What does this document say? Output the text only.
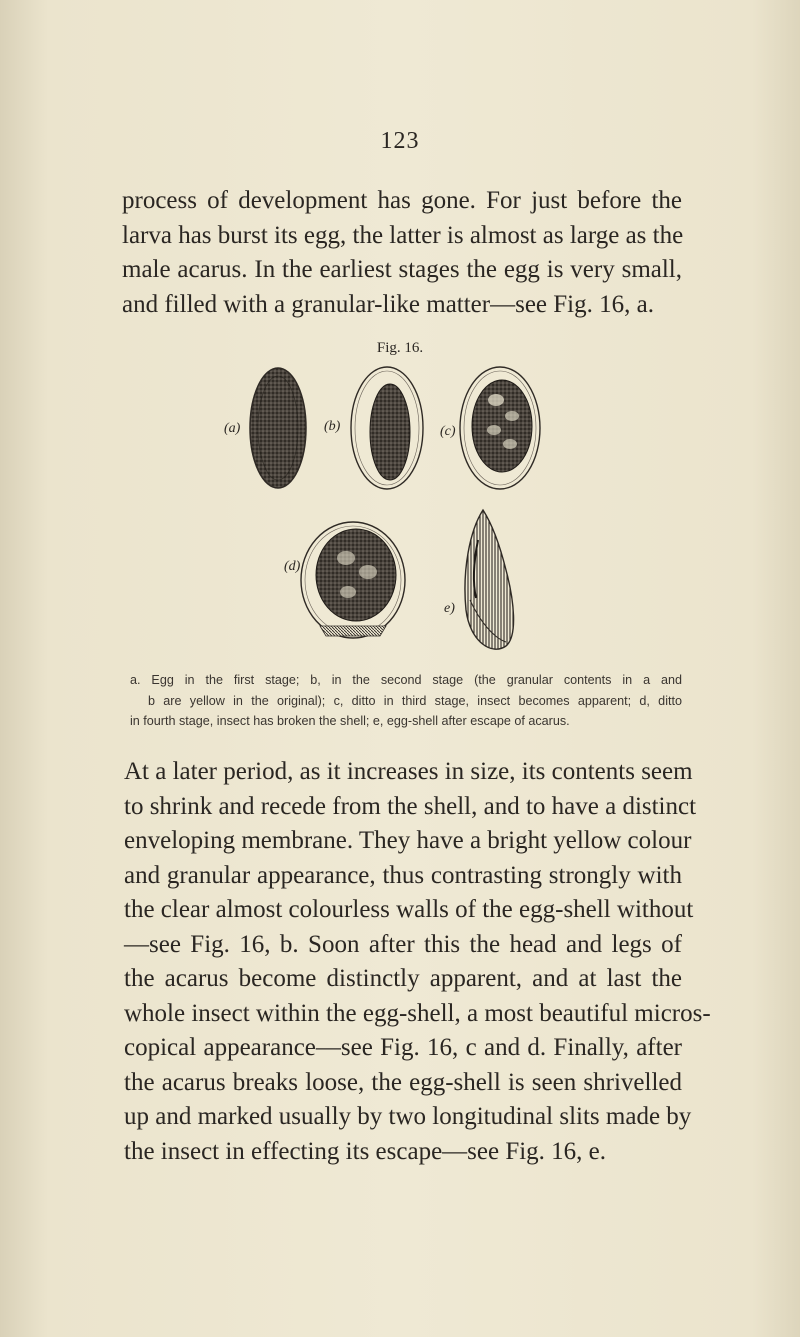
123
process of development has gone. For just before the
larva has burst its egg, the latter is almost as large as the
male acarus. In the earliest stages the egg is very small,
and filled with a granular-like matter—see Fig. 16, a.
Fig. 16.
(a)	(b)	(c)
(d)
e)
a. Egg in the first stage; b, in the second stage (the granular contents in a and
b are yellow in the original); c, ditto in third stage, insect becomes apparent; d, ditto
in fourth stage, insect has broken the shell; e, egg-shell after escape of acarus.
At a later period, as it increases in size, its contents seem
to shrink and recede from the shell, and to have a distinct
enveloping membrane. They have a bright yellow colour
and granular appearance, thus contrasting strongly with
the clear almost colourless walls of the egg-shell without
—see Fig. 16, b. Soon after this the head and legs of
the acarus become distinctly apparent, and at last the
whole insect within the egg-shell, a most beautiful micros-
copical appearance—see Fig. 16, c and d. Finally, after
the acarus breaks loose, the egg-shell is seen shrivelled
up and marked usually by two longitudinal slits made by
the insect in effecting its escape—see Fig. 16, e.
